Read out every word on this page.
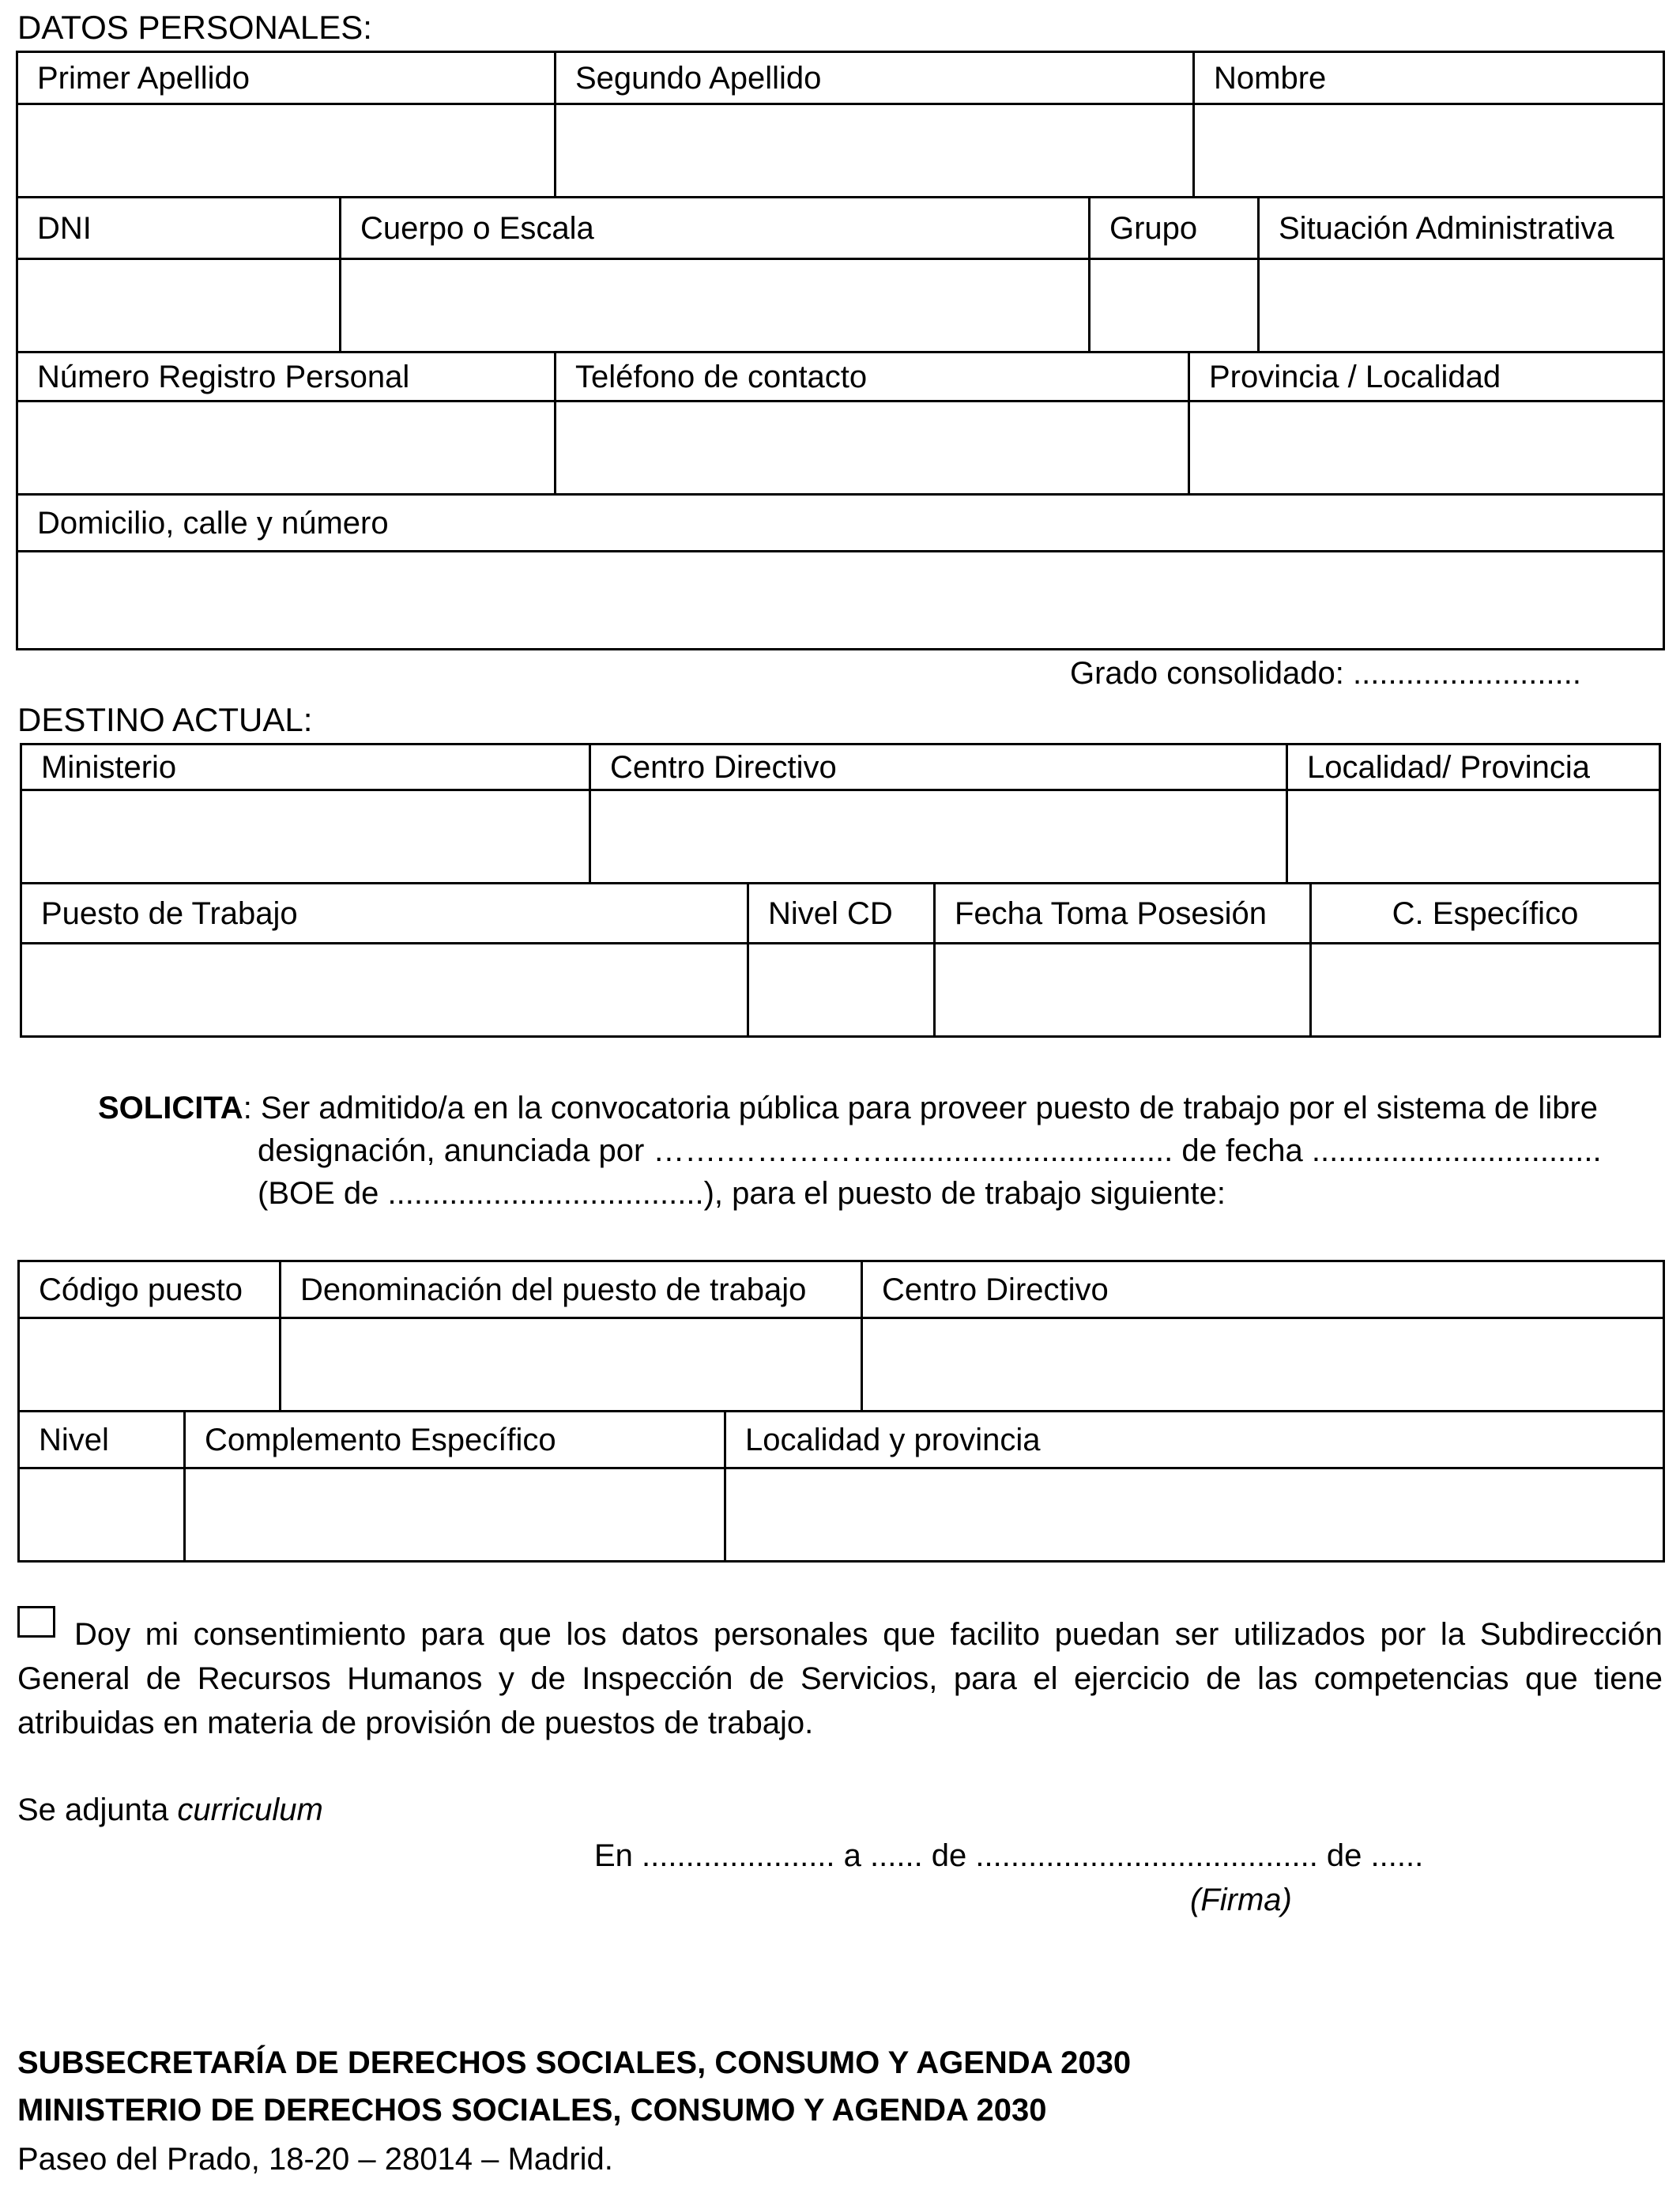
DATOS PERSONALES:
Primer Apellido	Segundo Apellido	Nombre

DNI	Cuerpo o Escala	Grupo	Situación Administrativa

Número Registro Personal	Teléfono de contacto	Provincia / Localidad

Domicilio, calle y número

Grado consolidado: ..........................
DESTINO ACTUAL:
Ministerio	Centro Directivo	Localidad/ Provincia

Puesto de Trabajo	Nivel CD	Fecha Toma Posesión	C. Específico

SOLICITA: Ser admitido/a en la convocatoria pública para proveer puesto de trabajo por el sistema de libre
designación, anunciada por …….……………................................. de fecha .................................
(BOE de ....................................), para el puesto de trabajo siguiente:
Código puesto	Denominación del puesto de trabajo	Centro Directivo

Nivel	Complemento Específico	Localidad y provincia

Doy mi consentimiento para que los datos personales que facilito puedan ser utilizados por la Subdirección General de Recursos Humanos y de Inspección de Servicios, para el ejercicio de las competencias que tiene atribuidas en materia de provisión de puestos de trabajo.
Se adjunta curriculum
En ...................... a ...... de ....................................... de ......
(Firma)
SUBSECRETARÍA DE DERECHOS SOCIALES, CONSUMO Y AGENDA 2030
MINISTERIO DE DERECHOS SOCIALES, CONSUMO Y AGENDA 2030
Paseo del Prado, 18-20 – 28014 – Madrid.
